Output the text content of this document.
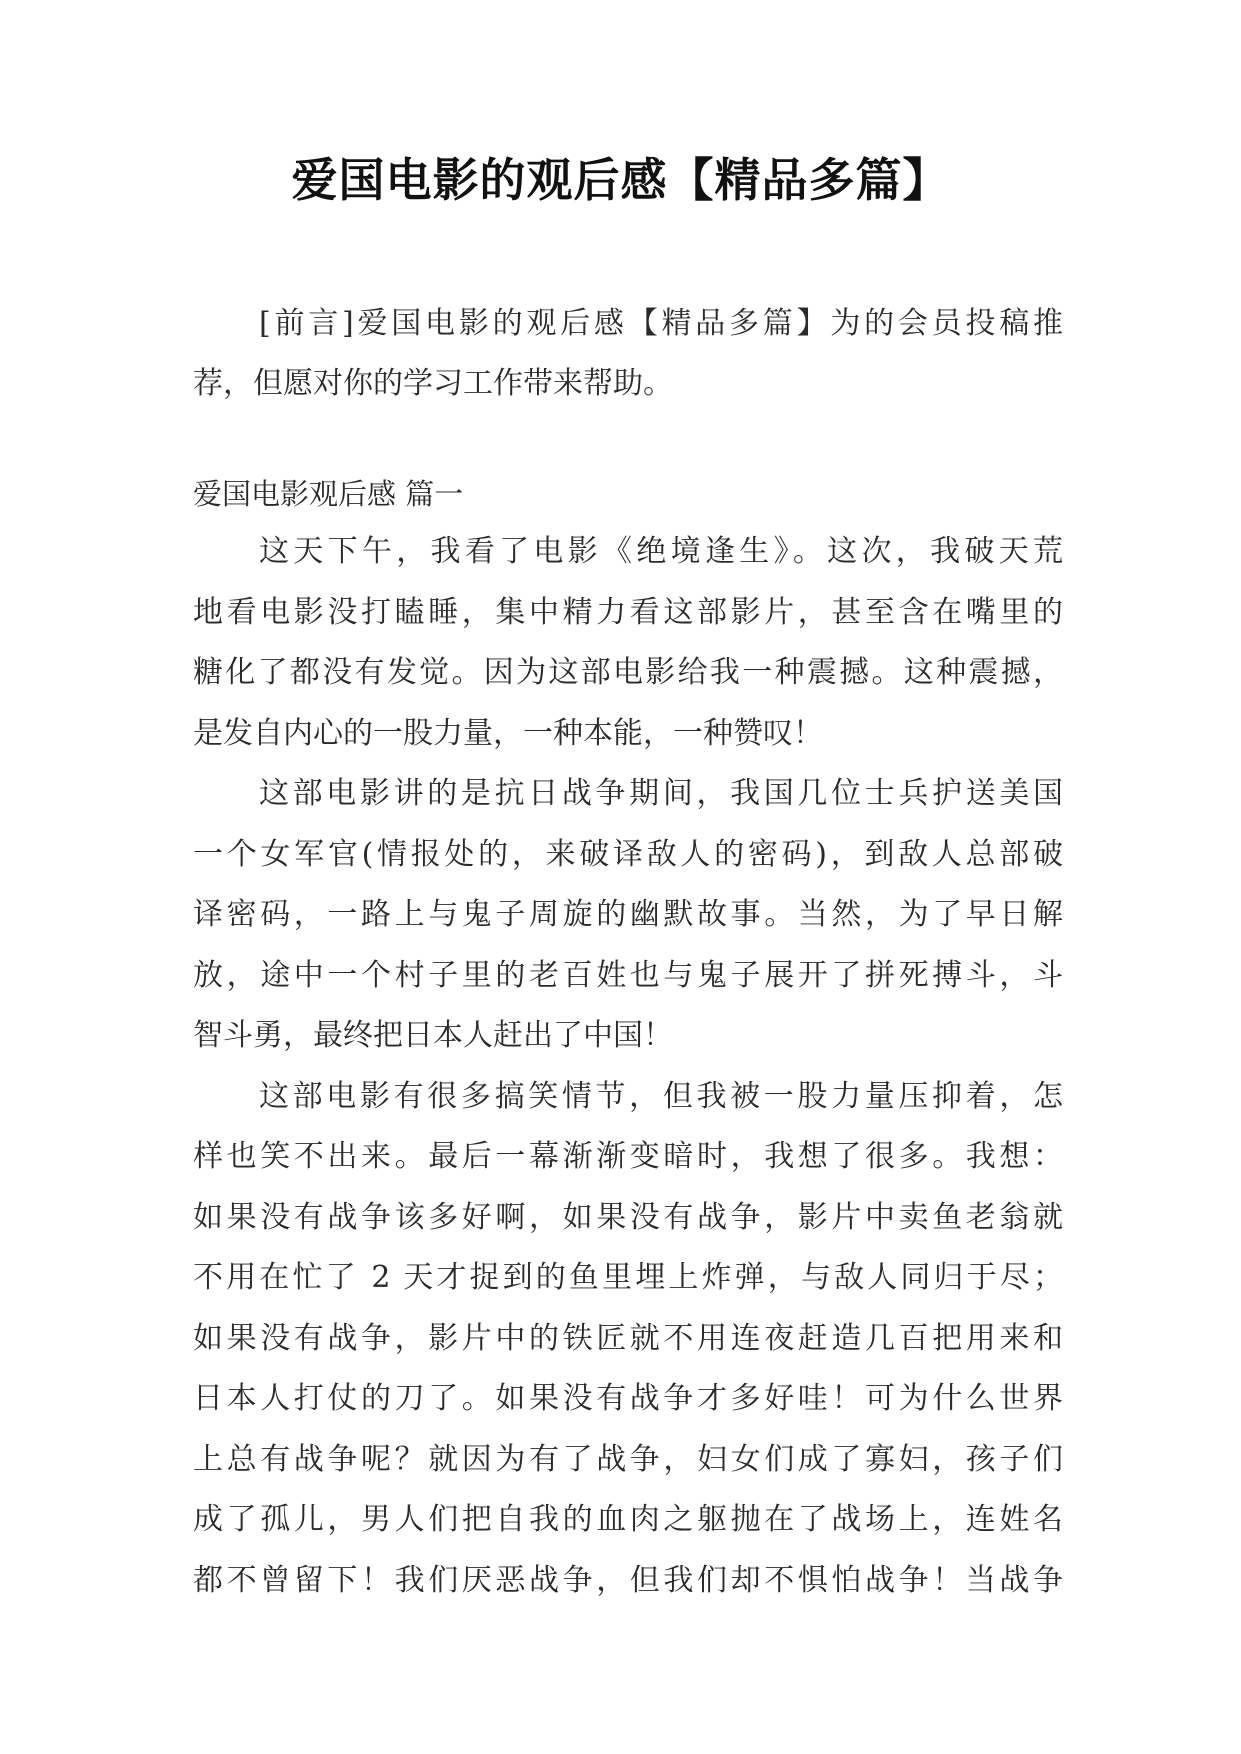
爱国电影的观后感【精品多篇】
[前言]爱国电影的观后感【精品多篇】为的会员投稿推
荐，但愿对你的学习工作带来帮助。
爱国电影观后感 篇一
这天下午，我看了电影《绝境逢生》。这次，我破天荒
地看电影没打瞌睡，集中精力看这部影片，甚至含在嘴里的
糖化了都没有发觉。因为这部电影给我一种震撼。这种震撼，
是发自内心的一股力量，一种本能，一种赞叹！
这部电影讲的是抗日战争期间，我国几位士兵护送美国
一个女军官(情报处的，来破译敌人的密码)，到敌人总部破
译密码，一路上与鬼子周旋的幽默故事。当然，为了早日解
放，途中一个村子里的老百姓也与鬼子展开了拼死搏斗，斗
智斗勇，最终把日本人赶出了中国！
这部电影有很多搞笑情节，但我被一股力量压抑着，怎
样也笑不出来。最后一幕渐渐变暗时，我想了很多。我想：
如果没有战争该多好啊，如果没有战争，影片中卖鱼老翁就
不用在忙了 2 天才捉到的鱼里埋上炸弹，与敌人同归于尽；
如果没有战争，影片中的铁匠就不用连夜赶造几百把用来和
日本人打仗的刀了。如果没有战争才多好哇！可为什么世界
上总有战争呢？就因为有了战争，妇女们成了寡妇，孩子们
成了孤儿，男人们把自我的血肉之躯抛在了战场上，连姓名
都不曾留下！我们厌恶战争，但我们却不惧怕战争！当战争
